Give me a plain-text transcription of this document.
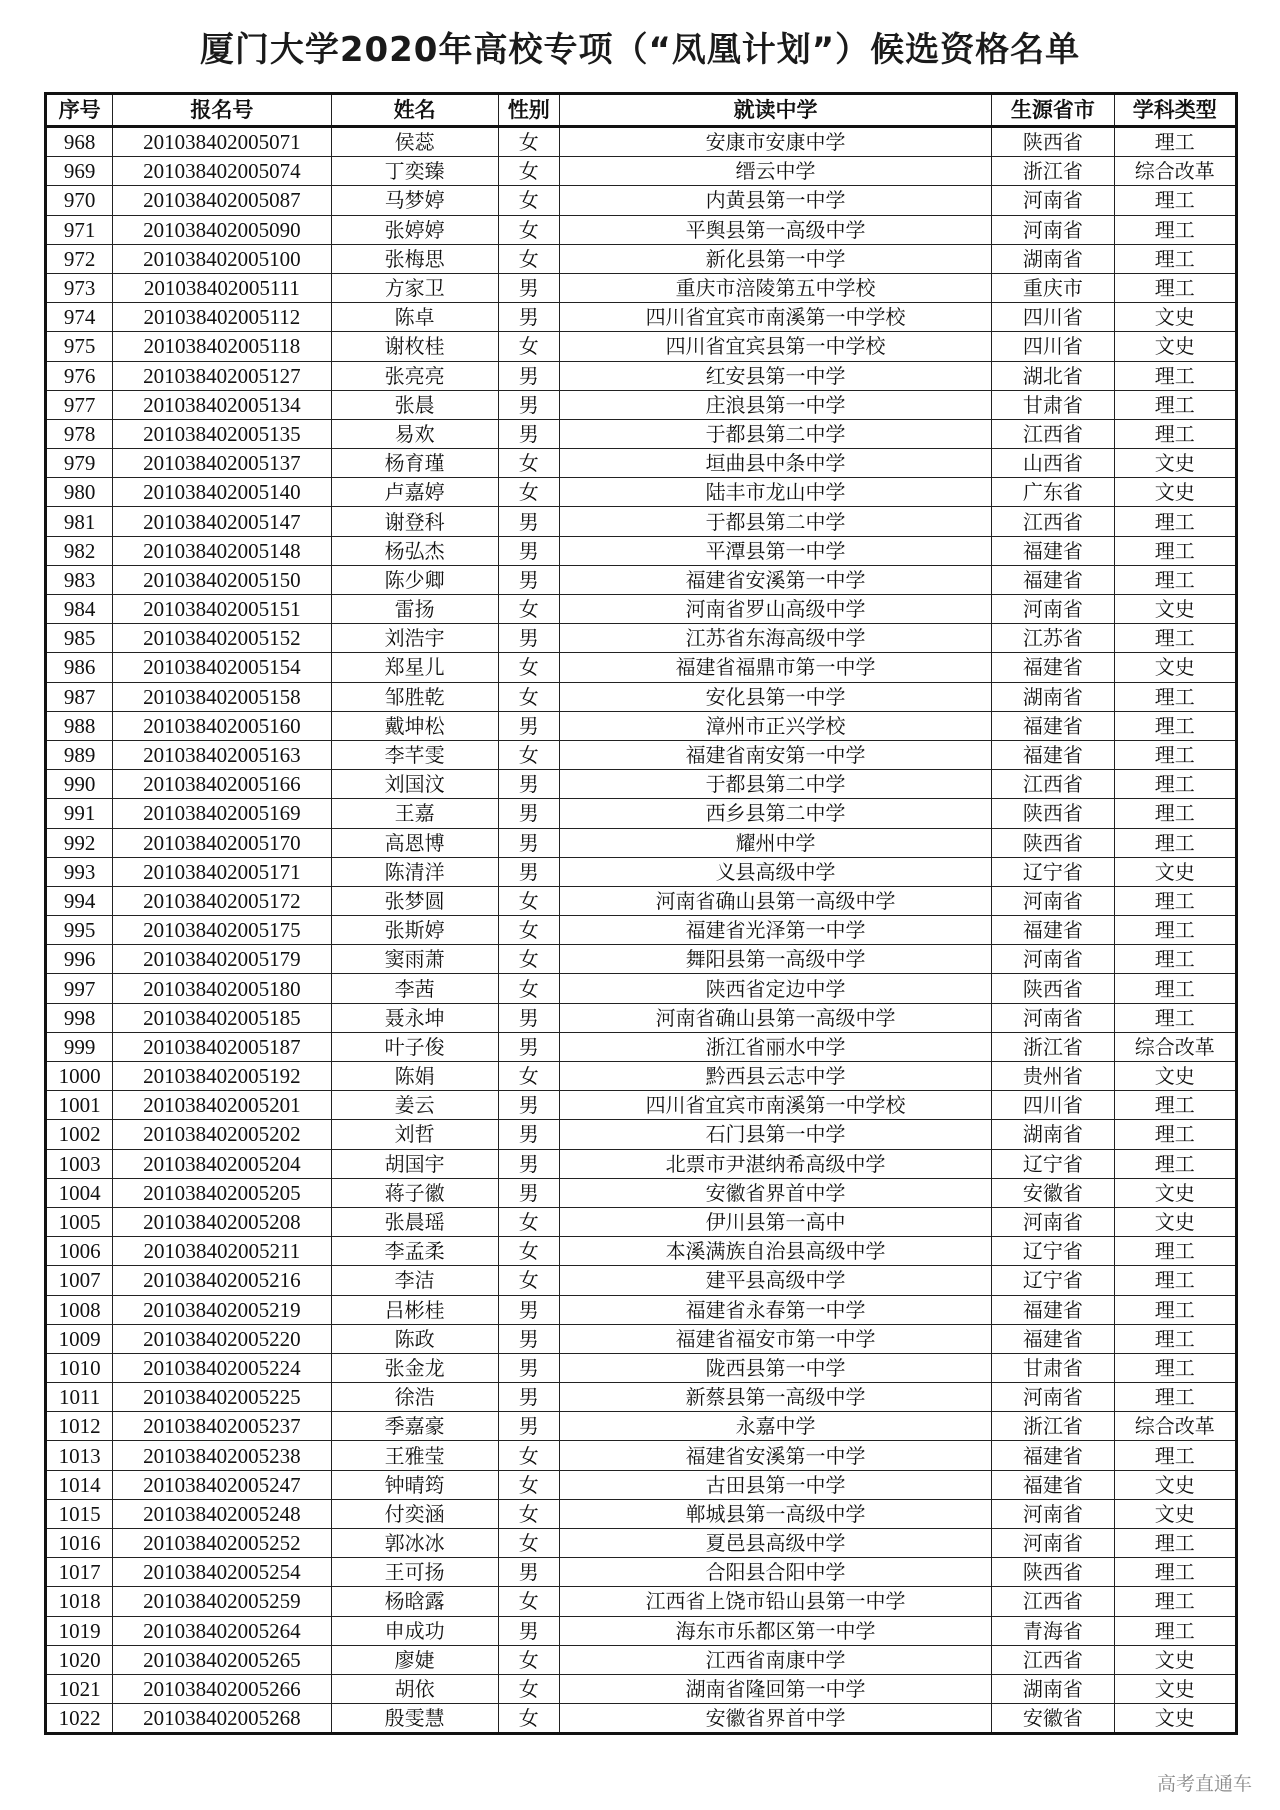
厦门大学2020年高校专项（“凤凰计划”）候选资格名单
序号	报名号	姓名	性别	就读中学	生源省市	学科类型
968	201038402005071	侯蕊	女	安康市安康中学	陕西省	理工
969	201038402005074	丁奕臻	女	缙云中学	浙江省	综合改革
970	201038402005087	马梦婷	女	内黄县第一中学	河南省	理工
971	201038402005090	张婷婷	女	平舆县第一高级中学	河南省	理工
972	201038402005100	张梅思	女	新化县第一中学	湖南省	理工
973	201038402005111	方家卫	男	重庆市涪陵第五中学校	重庆市	理工
974	201038402005112	陈卓	男	四川省宜宾市南溪第一中学校	四川省	文史
975	201038402005118	谢枚桂	女	四川省宜宾县第一中学校	四川省	文史
976	201038402005127	张亮亮	男	红安县第一中学	湖北省	理工
977	201038402005134	张晨	男	庄浪县第一中学	甘肃省	理工
978	201038402005135	易欢	男	于都县第二中学	江西省	理工
979	201038402005137	杨育瑾	女	垣曲县中条中学	山西省	文史
980	201038402005140	卢嘉婷	女	陆丰市龙山中学	广东省	文史
981	201038402005147	谢登科	男	于都县第二中学	江西省	理工
982	201038402005148	杨弘杰	男	平潭县第一中学	福建省	理工
983	201038402005150	陈少卿	男	福建省安溪第一中学	福建省	理工
984	201038402005151	雷扬	女	河南省罗山高级中学	河南省	文史
985	201038402005152	刘浩宇	男	江苏省东海高级中学	江苏省	理工
986	201038402005154	郑星儿	女	福建省福鼎市第一中学	福建省	文史
987	201038402005158	邹胜乾	女	安化县第一中学	湖南省	理工
988	201038402005160	戴坤松	男	漳州市正兴学校	福建省	理工
989	201038402005163	李芊雯	女	福建省南安第一中学	福建省	理工
990	201038402005166	刘国汶	男	于都县第二中学	江西省	理工
991	201038402005169	王嘉	男	西乡县第二中学	陕西省	理工
992	201038402005170	高恩博	男	耀州中学	陕西省	理工
993	201038402005171	陈清洋	男	义县高级中学	辽宁省	文史
994	201038402005172	张梦圆	女	河南省确山县第一高级中学	河南省	理工
995	201038402005175	张斯婷	女	福建省光泽第一中学	福建省	理工
996	201038402005179	窦雨萧	女	舞阳县第一高级中学	河南省	理工
997	201038402005180	李茜	女	陕西省定边中学	陕西省	理工
998	201038402005185	聂永坤	男	河南省确山县第一高级中学	河南省	理工
999	201038402005187	叶子俊	男	浙江省丽水中学	浙江省	综合改革
1000	201038402005192	陈娟	女	黔西县云志中学	贵州省	文史
1001	201038402005201	姜云	男	四川省宜宾市南溪第一中学校	四川省	理工
1002	201038402005202	刘哲	男	石门县第一中学	湖南省	理工
1003	201038402005204	胡国宇	男	北票市尹湛纳希高级中学	辽宁省	理工
1004	201038402005205	蒋子徽	男	安徽省界首中学	安徽省	文史
1005	201038402005208	张晨瑶	女	伊川县第一高中	河南省	文史
1006	201038402005211	李孟柔	女	本溪满族自治县高级中学	辽宁省	理工
1007	201038402005216	李洁	女	建平县高级中学	辽宁省	理工
1008	201038402005219	吕彬桂	男	福建省永春第一中学	福建省	理工
1009	201038402005220	陈政	男	福建省福安市第一中学	福建省	理工
1010	201038402005224	张金龙	男	陇西县第一中学	甘肃省	理工
1011	201038402005225	徐浩	男	新蔡县第一高级中学	河南省	理工
1012	201038402005237	季嘉豪	男	永嘉中学	浙江省	综合改革
1013	201038402005238	王雅莹	女	福建省安溪第一中学	福建省	理工
1014	201038402005247	钟晴筠	女	古田县第一中学	福建省	文史
1015	201038402005248	付奕涵	女	郸城县第一高级中学	河南省	文史
1016	201038402005252	郭冰冰	女	夏邑县高级中学	河南省	理工
1017	201038402005254	王可扬	男	合阳县合阳中学	陕西省	理工
1018	201038402005259	杨晗露	女	江西省上饶市铅山县第一中学	江西省	理工
1019	201038402005264	申成功	男	海东市乐都区第一中学	青海省	理工
1020	201038402005265	廖婕	女	江西省南康中学	江西省	文史
1021	201038402005266	胡依	女	湖南省隆回第一中学	湖南省	文史
1022	201038402005268	殷雯慧	女	安徽省界首中学	安徽省	文史
高考直通车
